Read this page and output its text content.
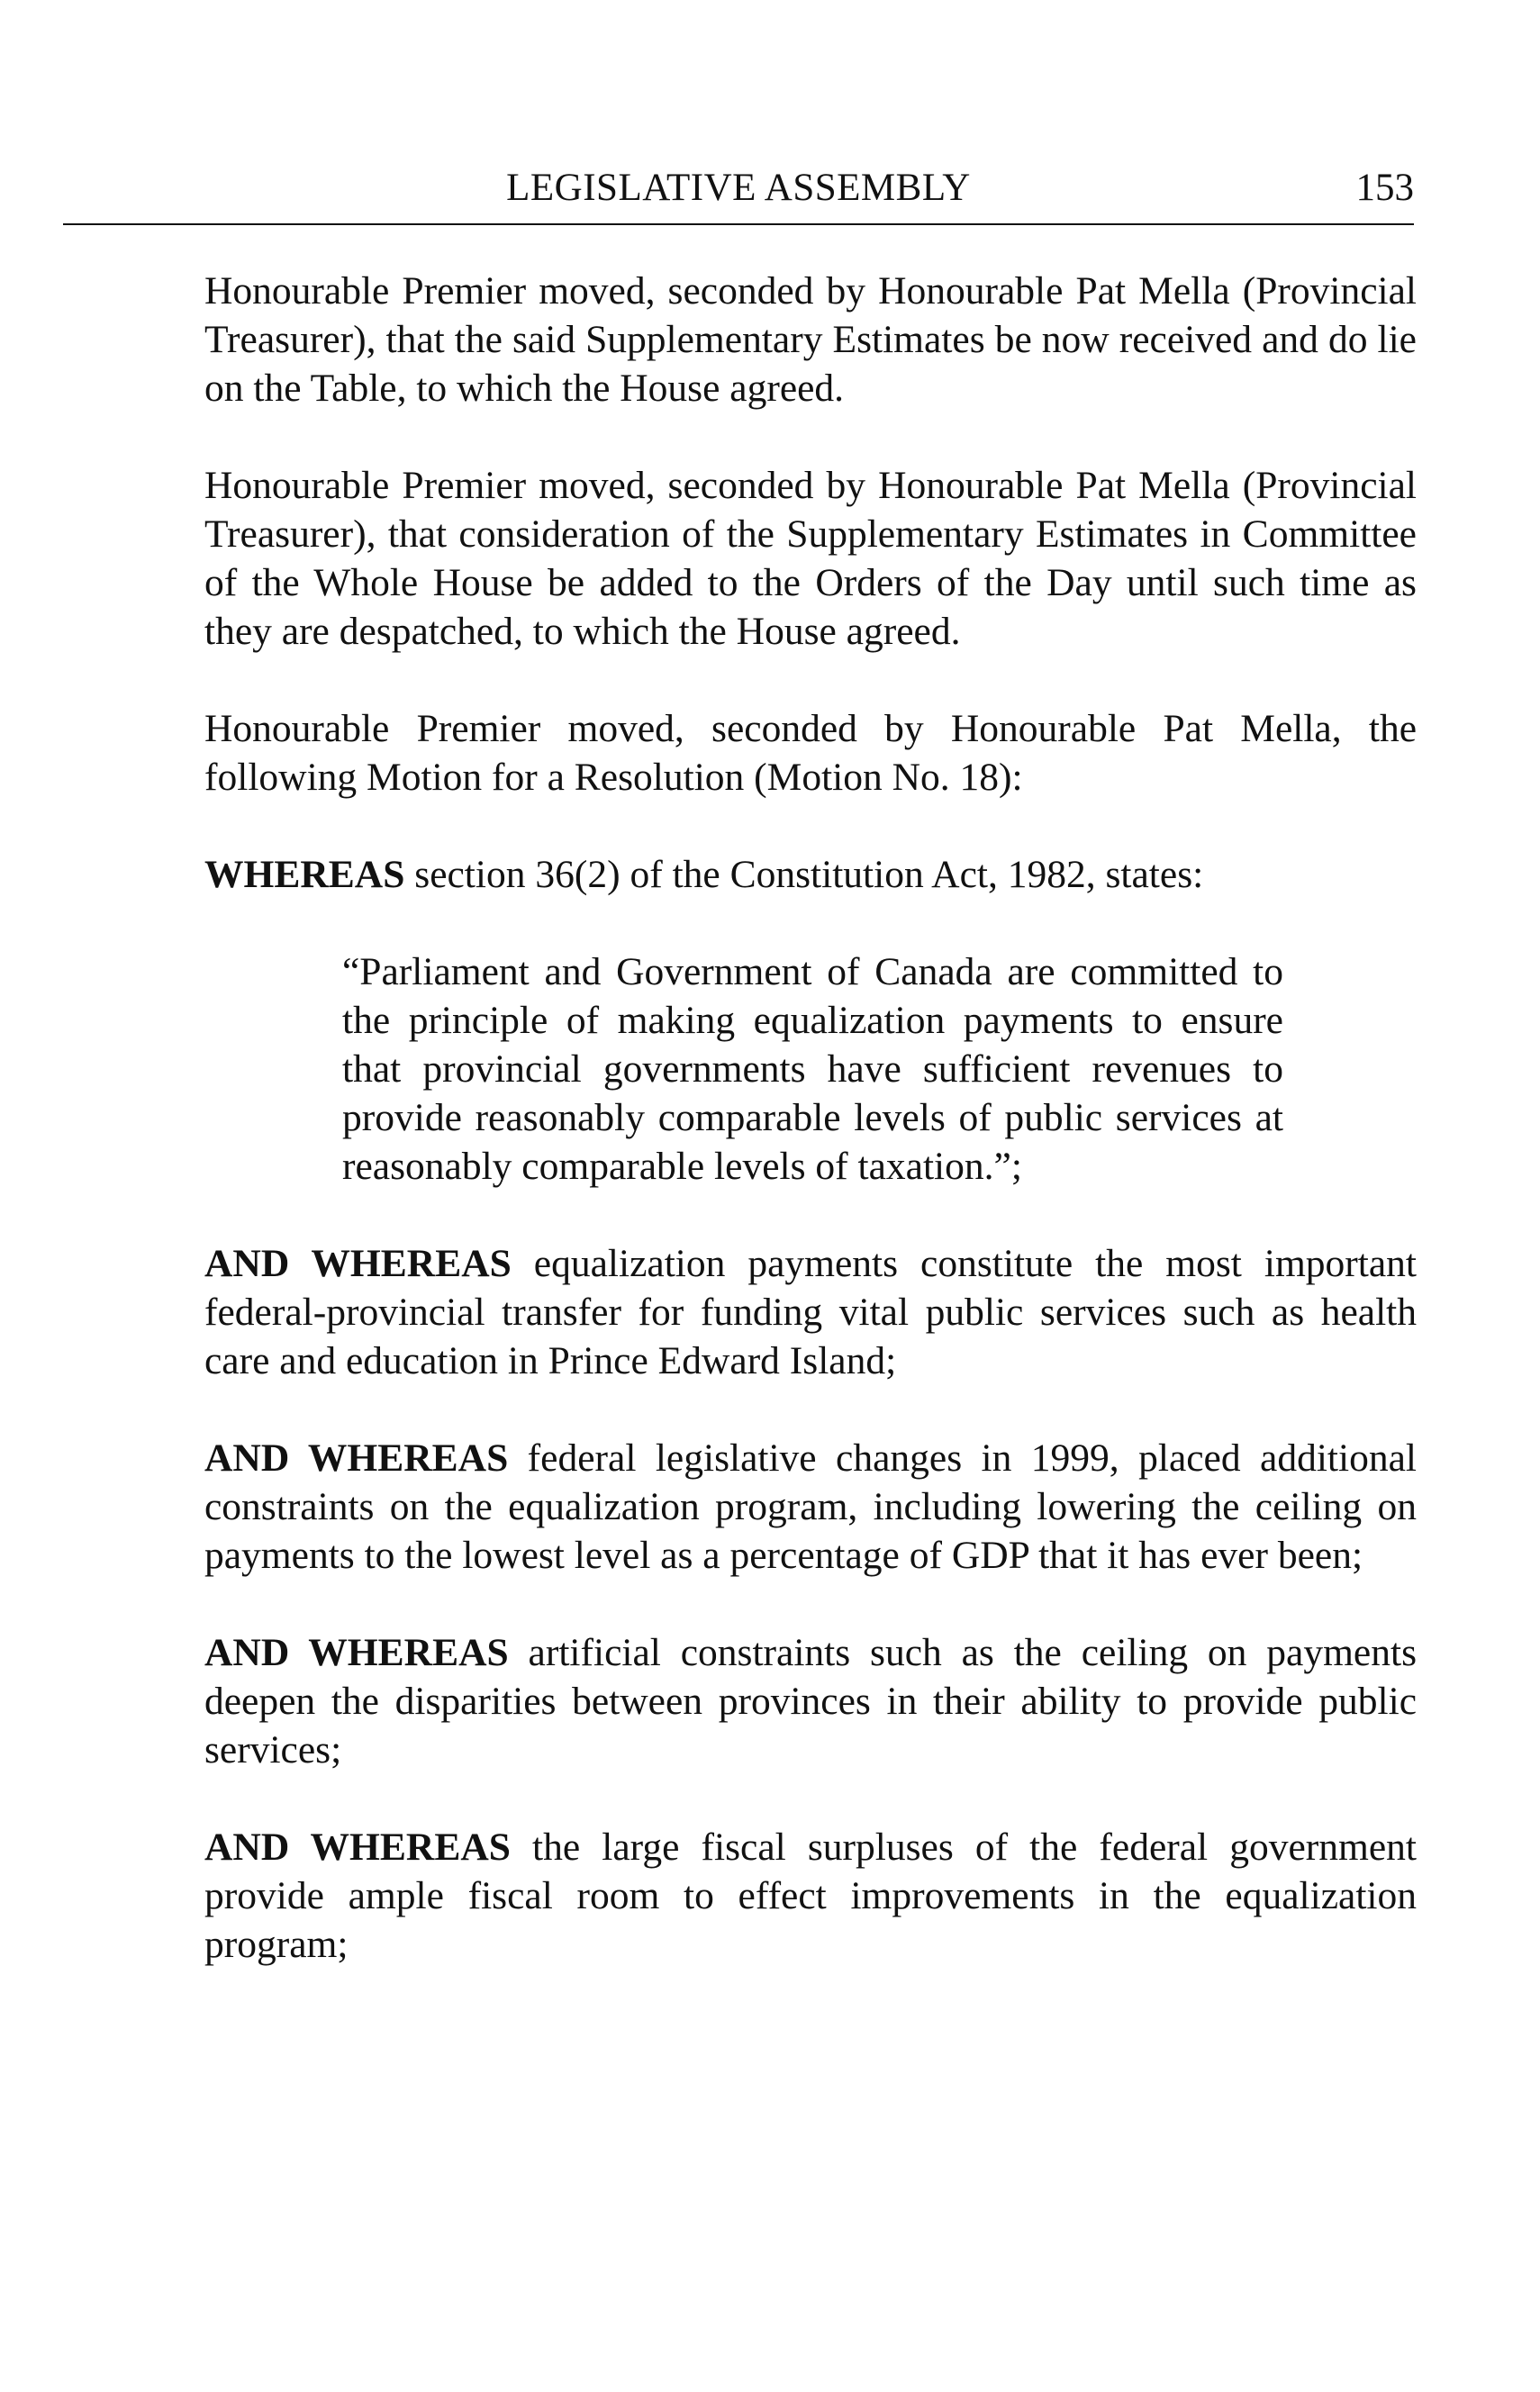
LEGISLATIVE ASSEMBLY	153

Honourable Premier moved, seconded by Honourable Pat Mella (Provincial Treasurer), that the said Supplementary Estimates be now received and do lie on the Table, to which the House agreed.

Honourable Premier moved, seconded by Honourable Pat Mella (Provincial Treasurer), that consideration of the Supplementary Estimates in Committee of the Whole House be added to the Orders of the Day until such time as they are despatched, to which the House agreed.

Honourable Premier moved, seconded by Honourable Pat Mella, the following Motion for a Resolution (Motion No. 18):

WHEREAS section 36(2) of the Constitution Act, 1982, states:

“Parliament and Government of Canada are committed to the principle of making equalization payments to ensure that provincial governments have sufficient revenues to provide reasonably comparable levels of public services at reasonably comparable levels of taxation.”;

AND WHEREAS equalization payments constitute the most important federal-provincial transfer for funding vital public services such as health care and education in Prince Edward Island;

AND WHEREAS federal legislative changes in 1999, placed additional constraints on the equalization program, including lowering the ceiling on payments to the lowest level as a percentage of GDP that it has ever been;

AND WHEREAS artificial constraints such as the ceiling on payments deepen the disparities between provinces in their ability to provide public services;

AND WHEREAS the large fiscal surpluses of the federal government provide ample fiscal room to effect improvements in the equalization program;
